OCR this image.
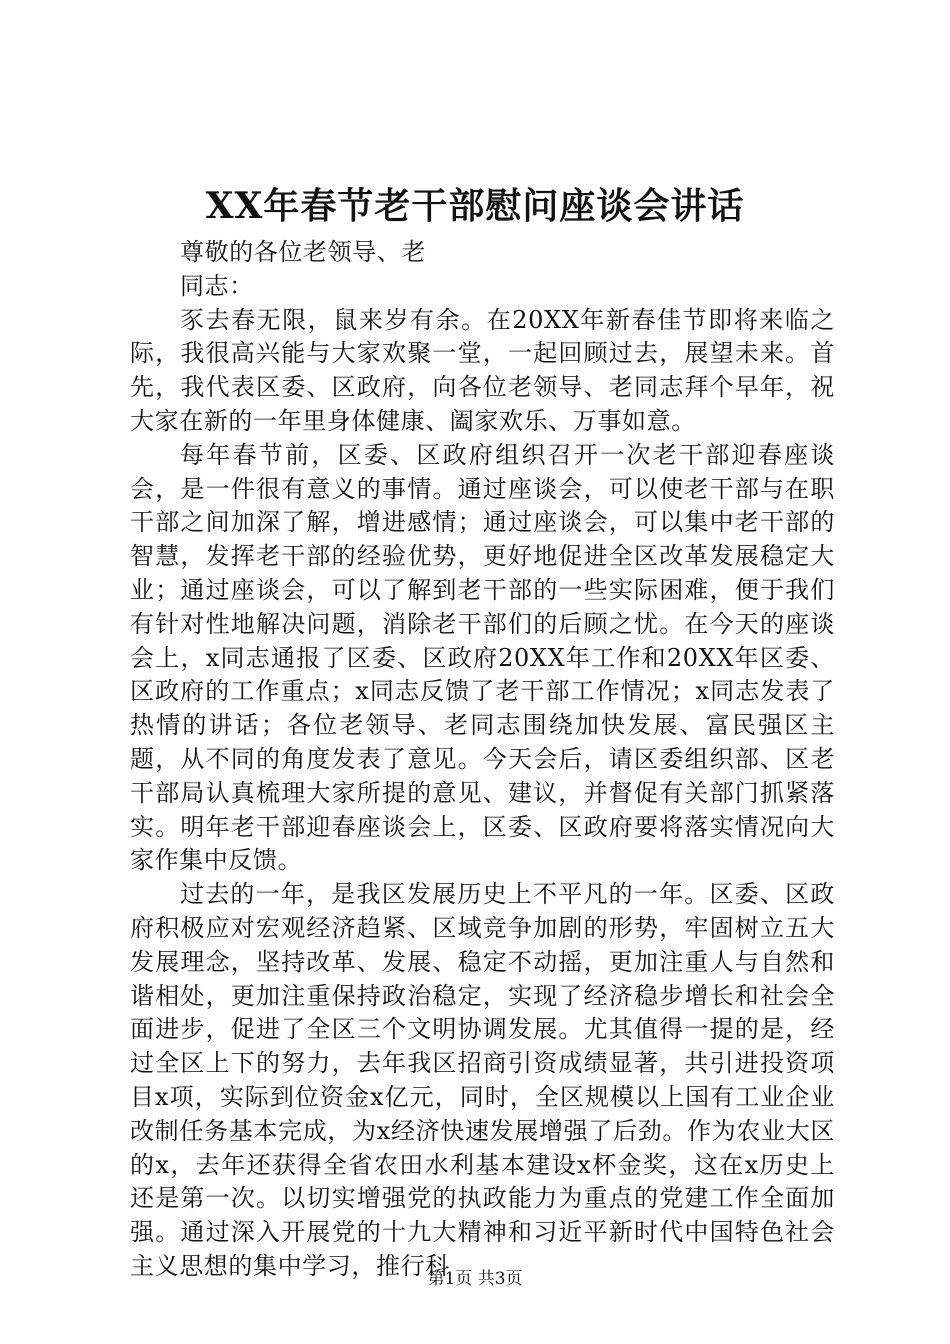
XX年春节老干部慰问座谈会讲话
尊敬的各位老领导、老
同志：

豕去春无限，鼠来岁有余。在20XX年新春佳节即将来临之际，我很高兴能与大家欢聚一堂，一起回顾过去，展望未来。首先，我代表区委、区政府，向各位老领导、老同志拜个早年，祝大家在新的一年里身体健康、阖家欢乐、万事如意。

每年春节前，区委、区政府组织召开一次老干部迎春座谈会，是一件很有意义的事情。通过座谈会，可以使老干部与在职干部之间加深了解，增进感情；通过座谈会，可以集中老干部的智慧，发挥老干部的经验优势，更好地促进全区改革发展稳定大业；通过座谈会，可以了解到老干部的一些实际困难，便于我们有针对性地解决问题，消除老干部们的后顾之忧。在今天的座谈会上，x同志通报了区委、区政府20XX年工作和20XX年区委、区政府的工作重点；x同志反馈了老干部工作情况；x同志发表了热情的讲话；各位老领导、老同志围绕加快发展、富民强区主题，从不同的角度发表了意见。今天会后，请区委组织部、区老干部局认真梳理大家所提的意见、建议，并督促有关部门抓紧落实。明年老干部迎春座谈会上，区委、区政府要将落实情况向大家作集中反馈。

过去的一年，是我区发展历史上不平凡的一年。区委、区政府积极应对宏观经济趋紧、区域竞争加剧的形势，牢固树立五大发展理念，坚持改革、发展、稳定不动摇，更加注重人与自然和谐相处，更加注重保持政治稳定，实现了经济稳步增长和社会全面进步，促进了全区三个文明协调发展。尤其值得一提的是，经过全区上下的努力，去年我区招商引资成绩显著，共引进投资项目x项，实际到位资金x亿元，同时，全区规模以上国有工业企业改制任务基本完成，为x经济快速发展增强了后劲。作为农业大区的x，去年还获得全省农田水利基本建设x杯金奖，这在x历史上还是第一次。以切实增强党的执政能力为重点的党建工作全面加强。通过深入开展党的十九大精神和习近平新时代中国特色社会主义思想的集中学习，推行科

第1页 共3页
